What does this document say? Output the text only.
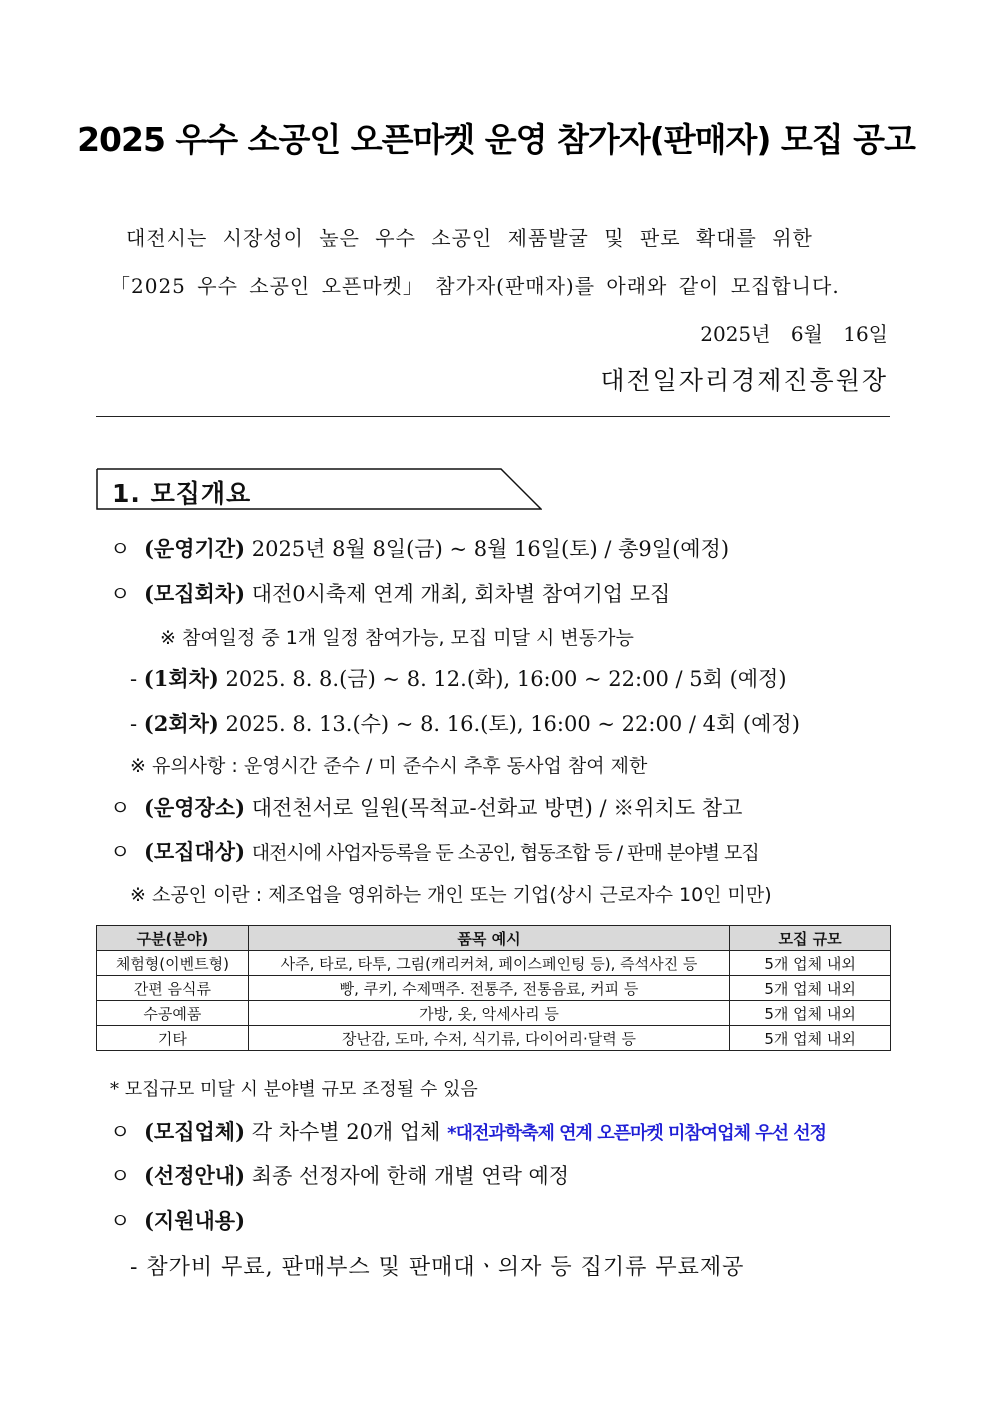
2025 우수 소공인 오픈마켓 운영 참가자(판매자) 모집 공고
대전시는 시장성이 높은 우수 소공인 제품발굴 및 판로 확대를 위한
「2025 우수 소공인 오픈마켓」 참가자(판매자)를 아래와 같이 모집합니다.
2025년 6월 16일
대전일자리경제진흥원장
1. 모집개요
ㅇ (운영기간) 2025년 8월 8일(금) ~ 8월 16일(토) / 총9일(예정)
ㅇ (모집회차) 대전0시축제 연계 개최, 회차별 참여기업 모집
※ 참여일정 중 1개 일정 참여가능, 모집 미달 시 변동가능
- (1회차) 2025. 8. 8.(금) ~ 8. 12.(화), 16:00 ~ 22:00 / 5회 (예정)
- (2회차) 2025. 8. 13.(수) ~ 8. 16.(토), 16:00 ~ 22:00 / 4회 (예정)
※ 유의사항 : 운영시간 준수 / 미 준수시 추후 동사업 참여 제한
ㅇ (운영장소) 대전천서로 일원(목척교-선화교 방면) / ※위치도 참고
ㅇ (모집대상) 대전시에 사업자등록을 둔 소공인, 협동조합 등 / 판매 분야별 모집
※ 소공인 이란 : 제조업을 영위하는 개인 또는 기업(상시 근로자수 10인 미만)
구분(분야)	품목 예시	모집 규모
체험형(이벤트형)	사주, 타로, 타투, 그림(캐리커쳐, 페이스페인팅 등), 즉석사진 등	5개 업체 내외
간편 음식류	빵, 쿠키, 수제맥주. 전통주, 전통음료, 커피 등	5개 업체 내외
수공예품	가방, 옷, 악세사리 등	5개 업체 내외
기타	장난감, 도마, 수저, 식기류, 다이어리·달력 등	5개 업체 내외
* 모집규모 미달 시 분야별 규모 조정될 수 있음
ㅇ (모집업체) 각 차수별 20개 업체 *대전과학축제 연계 오픈마켓 미참여업체 우선 선정
ㅇ (선정안내) 최종 선정자에 한해 개별 연락 예정
ㅇ (지원내용)
- 참가비 무료, 판매부스 및 판매대ㆍ의자 등 집기류 무료제공
